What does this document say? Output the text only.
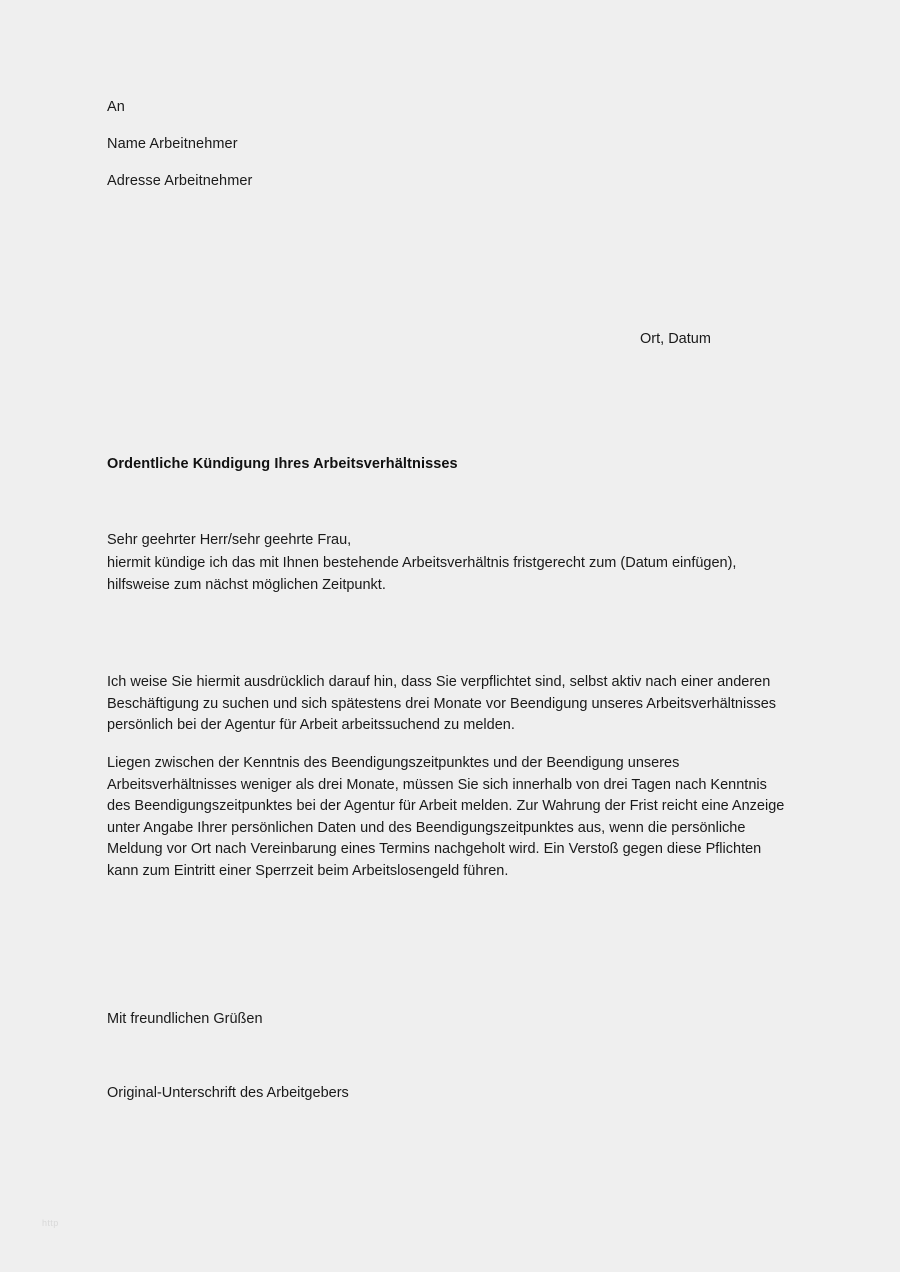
An

Name Arbeitnehmer

Adresse Arbeitnehmer

Ort, Datum

Ordentliche Kündigung Ihres Arbeitsverhältnisses

Sehr geehrter Herr/sehr geehrte Frau,

hiermit kündige ich das mit Ihnen bestehende Arbeitsverhältnis fristgerecht zum (Datum einfügen), hilfsweise zum nächst möglichen Zeitpunkt.

Ich weise Sie hiermit ausdrücklich darauf hin, dass Sie verpflichtet sind, selbst aktiv nach einer anderen Beschäftigung zu suchen und sich spätestens drei Monate vor Beendigung unseres Arbeitsverhältnisses persönlich bei der Agentur für Arbeit arbeitssuchend zu melden.

Liegen zwischen der Kenntnis des Beendigungszeitpunktes und der Beendigung unseres Arbeitsverhältnisses weniger als drei Monate, müssen Sie sich innerhalb von drei Tagen nach Kenntnis des Beendigungszeitpunktes bei der Agentur für Arbeit melden. Zur Wahrung der Frist reicht eine Anzeige unter Angabe Ihrer persönlichen Daten und des Beendigungszeitpunktes aus, wenn die persönliche Meldung vor Ort nach Vereinbarung eines Termins nachgeholt wird. Ein Verstoß gegen diese Pflichten kann zum Eintritt einer Sperrzeit beim Arbeitslosengeld führen.

Mit freundlichen Grüßen

Original-Unterschrift des Arbeitgebers

http
